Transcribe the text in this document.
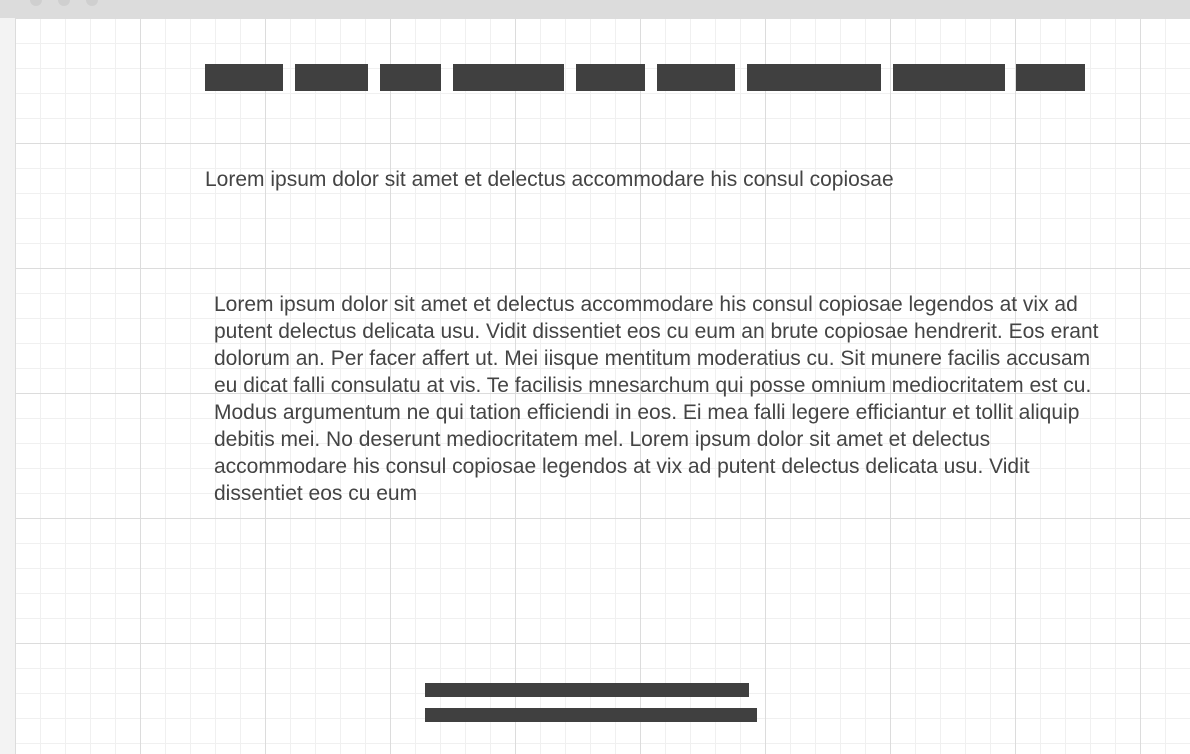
Lorem ipsum dolor sit amet et delectus accommodare his consul copiosae

Lorem ipsum dolor sit amet et delectus accommodare his consul copiosae legendos at vix ad putent delectus delicata usu. Vidit dissentiet eos cu eum an brute copiosae hendrerit. Eos erant dolorum an. Per facer affert ut. Mei iisque mentitum moderatius cu. Sit munere facilis accusam eu dicat falli consulatu at vis. Te facilisis mnesarchum qui posse omnium mediocritatem est cu. Modus argumentum ne qui tation efficiendi in eos. Ei mea falli legere efficiantur et tollit aliquip debitis mei. No deserunt mediocritatem mel. Lorem ipsum dolor sit amet et delectus accommodare his consul copiosae legendos at vix ad putent delectus delicata usu. Vidit dissentiet eos cu eum
